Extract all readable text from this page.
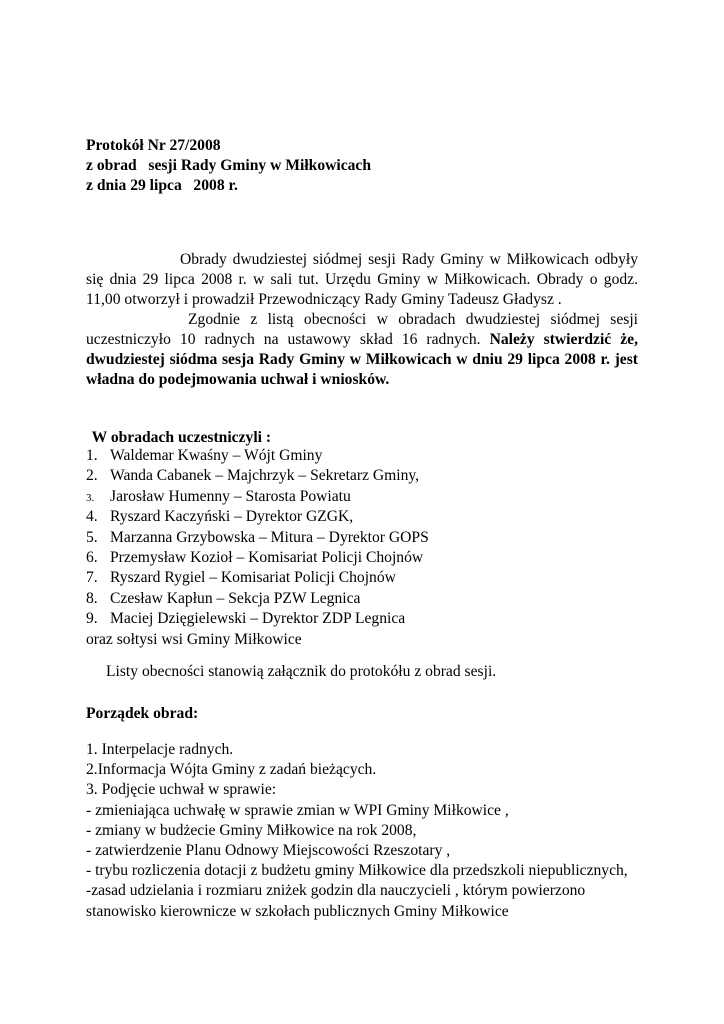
Protokół Nr 27/2008
z obrad   sesji Rady Gminy w Miłkowicach
z dnia 29 lipca   2008 r.
Obrady dwudziestej siódmej sesji Rady Gminy w Miłkowicach odbyły się dnia 29 lipca 2008 r. w sali tut. Urzędu Gminy w Miłkowicach. Obrady o godz. 11,00 otworzył i prowadził Przewodniczący Rady Gminy Tadeusz Gładysz .
Zgodnie z listą obecności w obradach dwudziestej siódmej sesji uczestniczyło 10 radnych na ustawowy skład 16 radnych. Należy stwierdzić że, dwudziestej siódma sesja Rady Gminy w Miłkowicach w dniu 29 lipca 2008 r. jest władna do podejmowania uchwał i wniosków.
W obradach uczestniczyli :
1. Waldemar Kwaśny – Wójt Gminy
2. Wanda Cabanek – Majchrzyk – Sekretarz Gminy,
3. Jarosław Humenny – Starosta Powiatu
4. Ryszard Kaczyński – Dyrektor GZGK,
5. Marzanna Grzybowska – Mitura – Dyrektor GOPS
6. Przemysław Kozioł – Komisariat Policji Chojnów
7. Ryszard Rygiel – Komisariat Policji Chojnów
8. Czesław Kapłun – Sekcja PZW Legnica
9. Maciej Dzięgielewski – Dyrektor ZDP Legnica
oraz sołtysi wsi Gminy Miłkowice
Listy obecności stanowią załącznik do protokółu z obrad sesji.
Porządek obrad:
1. Interpelacje radnych.
2.Informacja Wójta Gminy z zadań bieżących.
3. Podjęcie uchwał w sprawie:
- zmieniająca uchwałę w sprawie zmian w WPI Gminy Miłkowice ,
- zmiany w budżecie Gminy Miłkowice na rok 2008,
- zatwierdzenie Planu Odnowy Miejscowości Rzeszotary ,
- trybu rozliczenia dotacji z budżetu gminy Miłkowice dla przedszkoli niepublicznych,
-zasad udzielania i rozmiaru zniżek godzin dla nauczycieli , którym powierzono stanowisko kierownicze w szkołach publicznych Gminy Miłkowice
